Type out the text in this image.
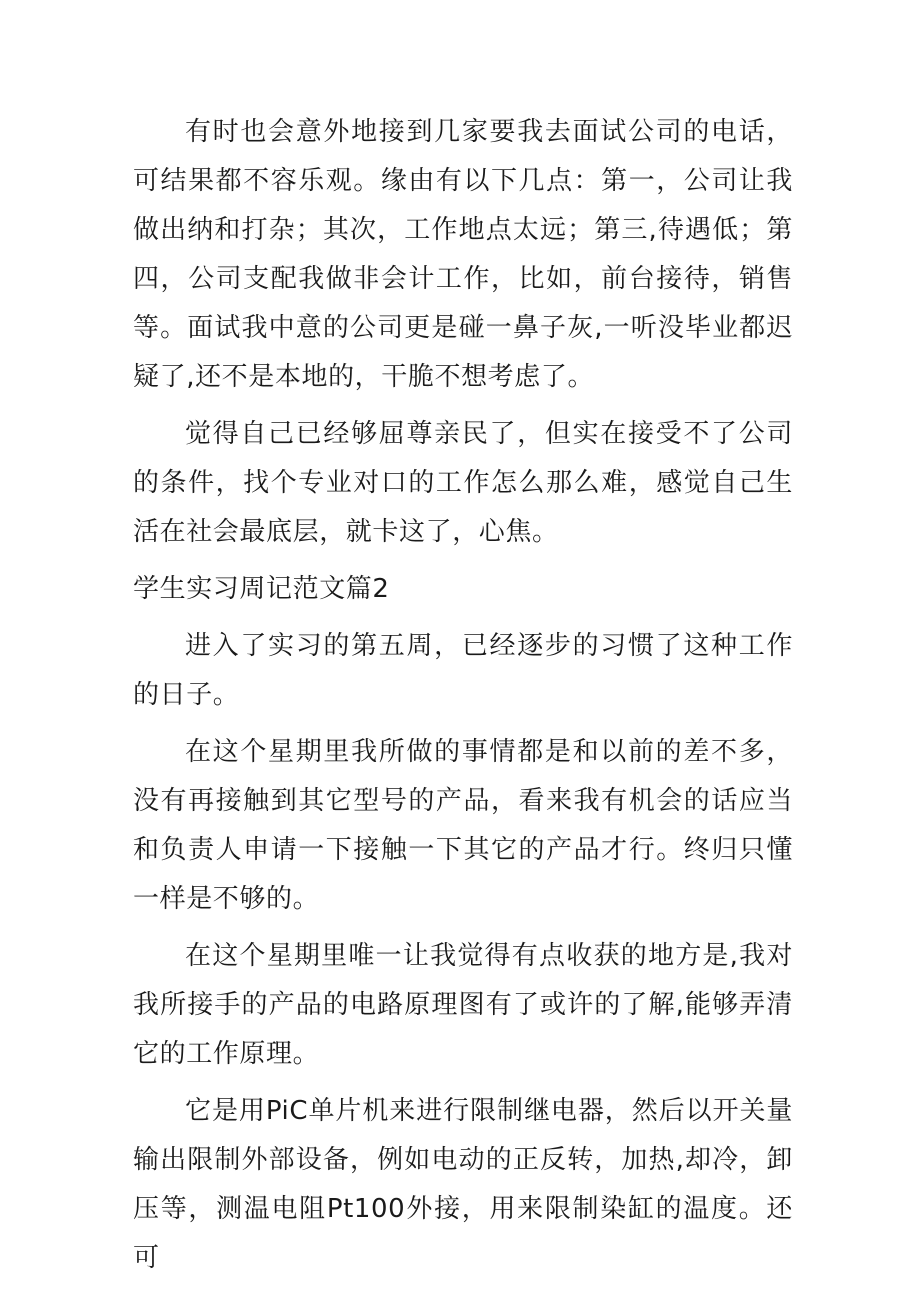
有时也会意外地接到几家要我去面试公司的电话，可结果都不容乐观。缘由有以下几点：第一，公司让我做出纳和打杂；其次，工作地点太远；第三,待遇低；第四，公司支配我做非会计工作，比如，前台接待，销售等。面试我中意的公司更是碰一鼻子灰,一听没毕业都迟疑了,还不是本地的，干脆不想考虑了。

觉得自己已经够屈尊亲民了，但实在接受不了公司的条件，找个专业对口的工作怎么那么难，感觉自己生活在社会最底层，就卡这了，心焦。

学生实习周记范文篇2

进入了实习的第五周，已经逐步的习惯了这种工作的日子。

在这个星期里我所做的事情都是和以前的差不多，没有再接触到其它型号的产品，看来我有机会的话应当和负责人申请一下接触一下其它的产品才行。终归只懂一样是不够的。

在这个星期里唯一让我觉得有点收获的地方是,我对我所接手的产品的电路原理图有了或许的了解,能够弄清它的工作原理。

它是用PiC单片机来进行限制继电器，然后以开关量输出限制外部设备，例如电动的正反转，加热,却冷，卸压等，测温电阻Pt100外接，用来限制染缸的温度。还可
